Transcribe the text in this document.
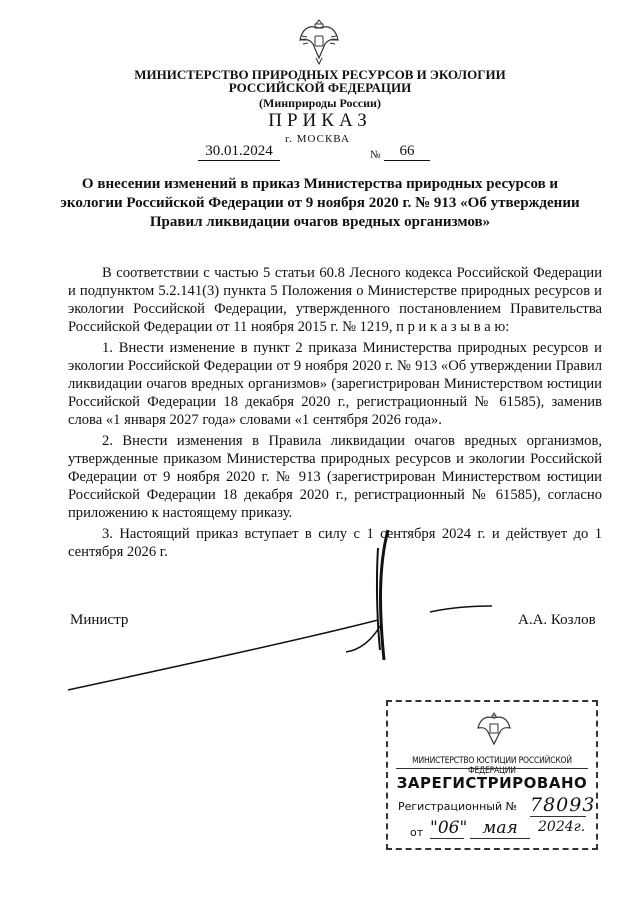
МИНИСТЕРСТВО ПРИРОДНЫХ РЕСУРСОВ И ЭКОЛОГИИ
РОССИЙСКОЙ ФЕДЕРАЦИИ
(Минприроды России)
ПРИКАЗ
30.01.2024
г. МОСКВА
№	66
О внесении изменений в приказ Министерства природных ресурсов и экологии Российской Федерации от 9 ноября 2020 г. № 913 «Об утверждении Правил ликвидации очагов вредных организмов»

В соответствии с частью 5 статьи 60.8 Лесного кодекса Российской Федерации и подпунктом 5.2.141(3) пункта 5 Положения о Министерстве природных ресурсов и экологии Российской Федерации, утвержденного постановлением Правительства Российской Федерации от 11 ноября 2015 г. № 1219, п р и к а з ы в а ю:

1. Внести изменение в пункт 2 приказа Министерства природных ресурсов и экологии Российской Федерации от 9 ноября 2020 г. № 913 «Об утверждении Правил ликвидации очагов вредных организмов» (зарегистрирован Министерством юстиции Российской Федерации 18 декабря 2020 г., регистрационный № 61585), заменив слова «1 января 2027 года» словами «1 сентября 2026 года».

2. Внести изменения в Правила ликвидации очагов вредных организмов, утвержденные приказом Министерства природных ресурсов и экологии Российской Федерации от 9 ноября 2020 г. № 913 (зарегистрирован Министерством юстиции Российской Федерации 18 декабря 2020 г., регистрационный № 61585), согласно приложению к настоящему приказу.

3. Настоящий приказ вступает в силу с 1 сентября 2024 г. и действует до 1 сентября 2026 г.

Министр	А.А. Козлов
МИНИСТЕРСТВО ЮСТИЦИИ РОССИЙСКОЙ ФЕДЕРАЦИИ
ЗАРЕГИСТРИРОВАНО
Регистрационный № 78093
от "06" мая	2024г.
